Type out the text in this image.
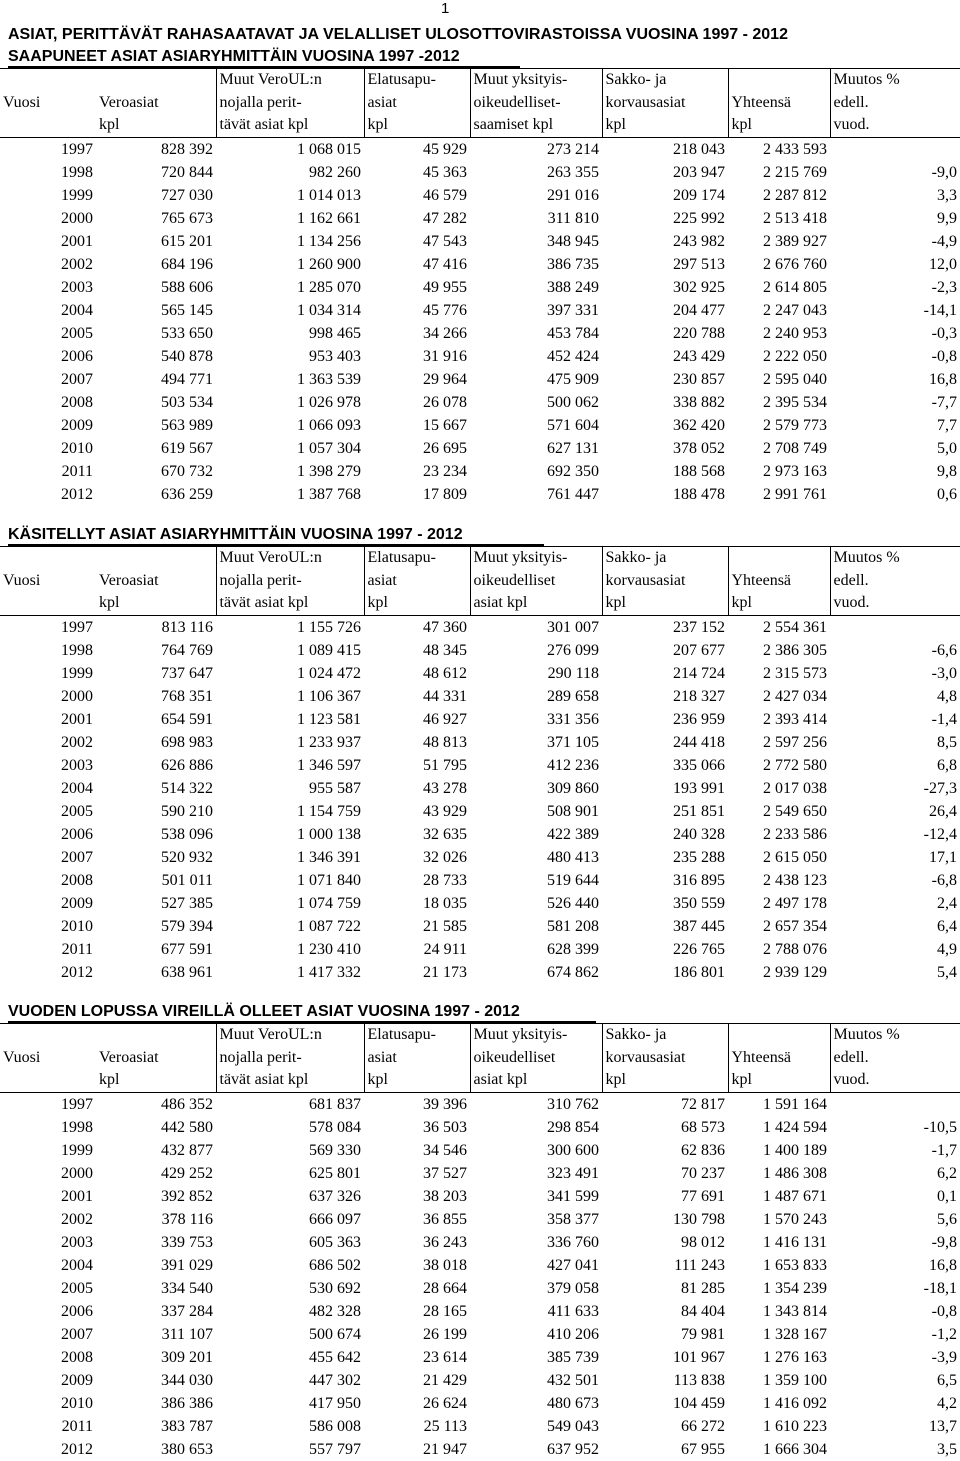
1
ASIAT, PERITTÄVÄT RAHASAATAVAT JA VELALLISET ULOSOTTOVIRASTOISSA VUOSINA 1997 - 2012
SAAPUNEET ASIAT ASIARYHMITTÄIN VUOSINA 1997 -2012
		Muut VeroUL:n	Elatusapu-	Muut yksityis-	Sakko- ja		Muutos %
Vuosi	Veroasiat	nojalla perit-	asiat	oikeudelliset-	korvausasiat	Yhteensä	edell.
	kpl	tävät asiat kpl	kpl	saamiset kpl	kpl	kpl	vuod.
1997	828 392	1 068 015	45 929	273 214	218 043	2 433 593	
1998	720 844	982 260	45 363	263 355	203 947	2 215 769	-9,0
1999	727 030	1 014 013	46 579	291 016	209 174	2 287 812	3,3
2000	765 673	1 162 661	47 282	311 810	225 992	2 513 418	9,9
2001	615 201	1 134 256	47 543	348 945	243 982	2 389 927	-4,9
2002	684 196	1 260 900	47 416	386 735	297 513	2 676 760	12,0
2003	588 606	1 285 070	49 955	388 249	302 925	2 614 805	-2,3
2004	565 145	1 034 314	45 776	397 331	204 477	2 247 043	-14,1
2005	533 650	998 465	34 266	453 784	220 788	2 240 953	-0,3
2006	540 878	953 403	31 916	452 424	243 429	2 222 050	-0,8
2007	494 771	1 363 539	29 964	475 909	230 857	2 595 040	16,8
2008	503 534	1 026 978	26 078	500 062	338 882	2 395 534	-7,7
2009	563 989	1 066 093	15 667	571 604	362 420	2 579 773	7,7
2010	619 567	1 057 304	26 695	627 131	378 052	2 708 749	5,0
2011	670 732	1 398 279	23 234	692 350	188 568	2 973 163	9,8
2012	636 259	1 387 768	17 809	761 447	188 478	2 991 761	0,6
KÄSITELLYT ASIAT ASIARYHMITTÄIN VUOSINA 1997 - 2012
		Muut VeroUL:n	Elatusapu-	Muut yksityis-	Sakko- ja		Muutos %
Vuosi	Veroasiat	nojalla perit-	asiat	oikeudelliset	korvausasiat	Yhteensä	edell.
	kpl	tävät asiat kpl	kpl	asiat kpl	kpl	kpl	vuod.
1997	813 116	1 155 726	47 360	301 007	237 152	2 554 361	
1998	764 769	1 089 415	48 345	276 099	207 677	2 386 305	-6,6
1999	737 647	1 024 472	48 612	290 118	214 724	2 315 573	-3,0
2000	768 351	1 106 367	44 331	289 658	218 327	2 427 034	4,8
2001	654 591	1 123 581	46 927	331 356	236 959	2 393 414	-1,4
2002	698 983	1 233 937	48 813	371 105	244 418	2 597 256	8,5
2003	626 886	1 346 597	51 795	412 236	335 066	2 772 580	6,8
2004	514 322	955 587	43 278	309 860	193 991	2 017 038	-27,3
2005	590 210	1 154 759	43 929	508 901	251 851	2 549 650	26,4
2006	538 096	1 000 138	32 635	422 389	240 328	2 233 586	-12,4
2007	520 932	1 346 391	32 026	480 413	235 288	2 615 050	17,1
2008	501 011	1 071 840	28 733	519 644	316 895	2 438 123	-6,8
2009	527 385	1 074 759	18 035	526 440	350 559	2 497 178	2,4
2010	579 394	1 087 722	21 585	581 208	387 445	2 657 354	6,4
2011	677 591	1 230 410	24 911	628 399	226 765	2 788 076	4,9
2012	638 961	1 417 332	21 173	674 862	186 801	2 939 129	5,4
VUODEN LOPUSSA VIREILLÄ OLLEET ASIAT VUOSINA 1997 - 2012
		Muut VeroUL:n	Elatusapu-	Muut yksityis-	Sakko- ja		Muutos %
Vuosi	Veroasiat	nojalla perit-	asiat	oikeudelliset	korvausasiat	Yhteensä	edell.
	kpl	tävät asiat kpl	kpl	asiat kpl	kpl	kpl	vuod.
1997	486 352	681 837	39 396	310 762	72 817	1 591 164	
1998	442 580	578 084	36 503	298 854	68 573	1 424 594	-10,5
1999	432 877	569 330	34 546	300 600	62 836	1 400 189	-1,7
2000	429 252	625 801	37 527	323 491	70 237	1 486 308	6,2
2001	392 852	637 326	38 203	341 599	77 691	1 487 671	0,1
2002	378 116	666 097	36 855	358 377	130 798	1 570 243	5,6
2003	339 753	605 363	36 243	336 760	98 012	1 416 131	-9,8
2004	391 029	686 502	38 018	427 041	111 243	1 653 833	16,8
2005	334 540	530 692	28 664	379 058	81 285	1 354 239	-18,1
2006	337 284	482 328	28 165	411 633	84 404	1 343 814	-0,8
2007	311 107	500 674	26 199	410 206	79 981	1 328 167	-1,2
2008	309 201	455 642	23 614	385 739	101 967	1 276 163	-3,9
2009	344 030	447 302	21 429	432 501	113 838	1 359 100	6,5
2010	386 386	417 950	26 624	480 673	104 459	1 416 092	4,2
2011	383 787	586 008	25 113	549 043	66 272	1 610 223	13,7
2012	380 653	557 797	21 947	637 952	67 955	1 666 304	3,5
